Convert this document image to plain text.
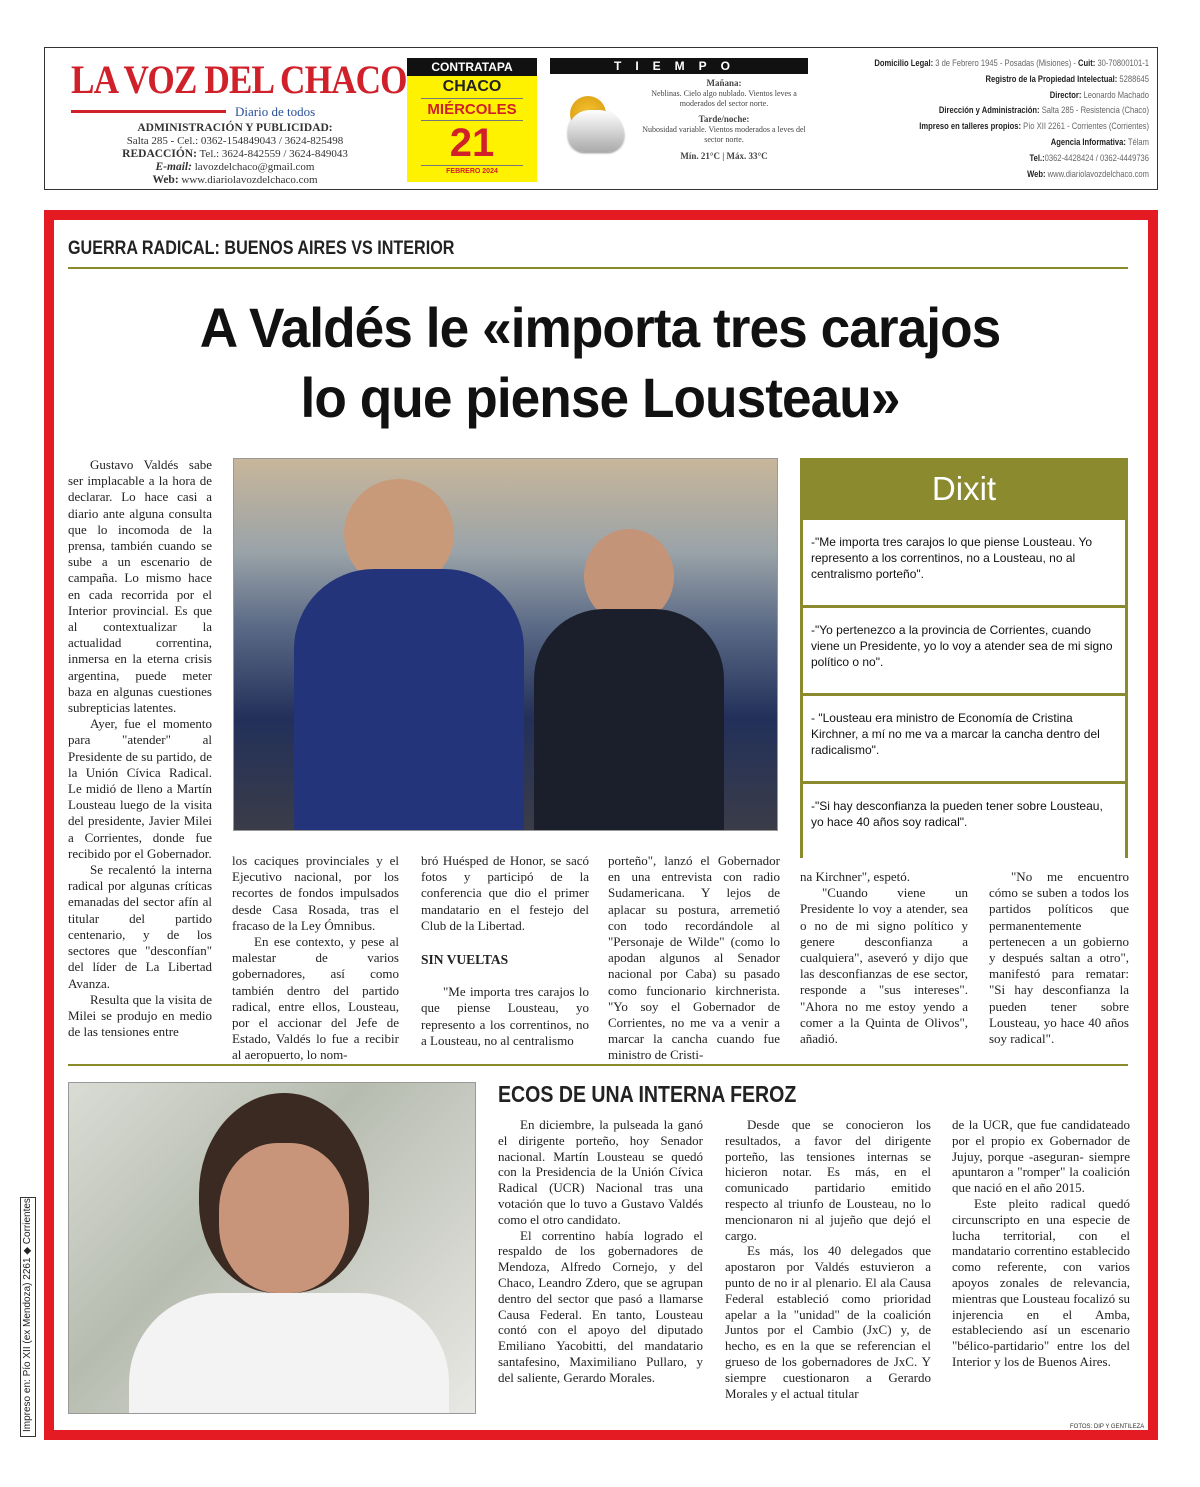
LA VOZ DEL CHACO
Diario de todos
ADMINISTRACIÓN Y PUBLICIDAD:
Salta 285 - Cel.: 0362-154849043 / 3624-825498
REDACCIÓN: Tel.: 3624-842559 / 3624-849043
E-mail: lavozdelchaco@gmail.com
Web: www.diariolavozdelchaco.com
CONTRATAPA
CHACO
MIÉRCOLES
21
FEBRERO 2024
TIEMPO
Mañana:
Neblinas. Cielo algo nublado. Vientos leves a moderados del sector norte.
Tarde/noche:
Nubosidad variable. Vientos moderados a leves del sector norte.
Mín. 21°C | Máx. 33°C
Domicilio Legal: 3 de Febrero 1945 - Posadas (Misiones) - Cuit: 30-70800101-1
Registro de la Propiedad Intelectual: 5288645
Director: Leonardo Machado
Dirección y Administración: Salta 285 - Resistencia (Chaco)
Impreso en talleres propios: Pío XII 2261 - Corrientes (Corrientes)
Agencia Informativa: Télam
Tel.:0362-4428424 / 0362-4449736
Web: www.diariolavozdelchaco.com
GUERRA RADICAL: BUENOS AIRES VS INTERIOR
A Valdés le «importa tres carajos
lo que piense Lousteau»

Gustavo Valdés sabe ser implacable a la hora de declarar. Lo hace casi a diario ante alguna consulta que lo incomoda de la prensa, también cuando se sube a un escenario de campaña. Lo mismo hace en cada recorrida por el Interior provincial. Es que al contextualizar la actualidad correntina, inmersa en la eterna crisis argentina, puede meter baza en algunas cuestiones subrepticias latentes.

Ayer, fue el momento para "atender" al Presidente de su partido, de la Unión Cívica Radical. Le midió de lleno a Martín Lousteau luego de la visita del presidente, Javier Milei a Corrientes, donde fue recibido por el Gobernador.

Se recalentó la interna radical por algunas críticas emanadas del sector afín al titular del partido centenario, y de los sectores que "desconfían" del líder de La Libertad Avanza.

Resulta que la visita de Milei se produjo en medio de las tensiones entre

Dixit
-"Me importa tres carajos lo que piense Lousteau. Yo represento a los correntinos, no a Lousteau, no al centralismo porteño".
-"Yo pertenezco a la provincia de Corrientes, cuando viene un Presidente, yo lo voy a atender sea de mi signo político o no".
- "Lousteau era ministro de Economía de Cristina Kirchner, a mí no me va a marcar la cancha dentro del radicalismo".
-"Si hay desconfianza la pueden tener sobre Lousteau, yo hace 40 años soy radical".

los caciques provinciales y el Ejecutivo nacional, por los recortes de fondos impulsados desde Casa Rosada, tras el fracaso de la Ley Ómnibus.

En ese contexto, y pese al malestar de varios gobernadores, así como también dentro del partido radical, entre ellos, Lousteau, por el accionar del Jefe de Estado, Valdés lo fue a recibir al aeropuerto, lo nom-

bró Huésped de Honor, se sacó fotos y participó de la conferencia que dio el primer mandatario en el festejo del Club de la Libertad.

SIN VUELTAS

"Me importa tres carajos lo que piense Lousteau, yo represento a los correntinos, no a Lousteau, no al centralismo

porteño", lanzó el Gobernador en una entrevista con radio Sudamericana. Y lejos de aplacar su postura, arremetió con todo recordándole al "Personaje de Wilde" (como lo apodan algunos al Senador nacional por Caba) su pasado como funcionario kirchnerista. "Yo soy el Gobernador de Corrientes, no me va a venir a marcar la cancha cuando fue ministro de Cristi-

na Kirchner", espetó.

"Cuando viene un Presidente lo voy a atender, sea o no de mi signo político y genere desconfianza a cualquiera", aseveró y dijo que las desconfianzas de ese sector, responde a "sus intereses". "Ahora no me estoy yendo a comer a la Quinta de Olivos", añadió.

"No me encuentro cómo se suben a todos los partidos políticos que permanentemente pertenecen a un gobierno y después saltan a otro", manifestó para rematar: "Si hay desconfianza la pueden tener sobre Lousteau, yo hace 40 años soy radical".

ECOS DE UNA INTERNA FEROZ

En diciembre, la pulseada la ganó el dirigente porteño, hoy Senador nacional. Martín Lousteau se quedó con la Presidencia de la Unión Cívica Radical (UCR) Nacional tras una votación que lo tuvo a Gustavo Valdés como el otro candidato.

El correntino había logrado el respaldo de los gobernadores de Mendoza, Alfredo Cornejo, y del Chaco, Leandro Zdero, que se agrupan dentro del sector que pasó a llamarse Causa Federal. En tanto, Lousteau contó con el apoyo del diputado Emiliano Yacobitti, del mandatario santafesino, Maximiliano Pullaro, y del saliente, Gerardo Morales.

Desde que se conocieron los resultados, a favor del dirigente porteño, las tensiones internas se hicieron notar. Es más, en el comunicado partidario emitido respecto al triunfo de Lousteau, no lo mencionaron ni al jujeño que dejó el cargo.

Es más, los 40 delegados que apostaron por Valdés estuvieron a punto de no ir al plenario. El ala Causa Federal estableció como prioridad apelar a la "unidad" de la coalición Juntos por el Cambio (JxC) y, de hecho, es en la que se referencian el grueso de los gobernadores de JxC. Y siempre cuestionaron a Gerardo Morales y el actual titular

de la UCR, que fue candidateado por el propio ex Gobernador de Jujuy, porque -aseguran- siempre apuntaron a "romper" la coalición que nació en el año 2015.

Este pleito radical quedó circunscripto en una especie de lucha territorial, con el mandatario correntino establecido como referente, con varios apoyos zonales de relevancia, mientras que Lousteau focalizó su injerencia en el Amba, estableciendo así un escenario "bélico-partidario" entre los del Interior y los de Buenos Aires.

FOTOS: DIP Y GENTILEZA
Impreso en: Pío XII (ex Mendoza) 2261 ◆ Corrientes
